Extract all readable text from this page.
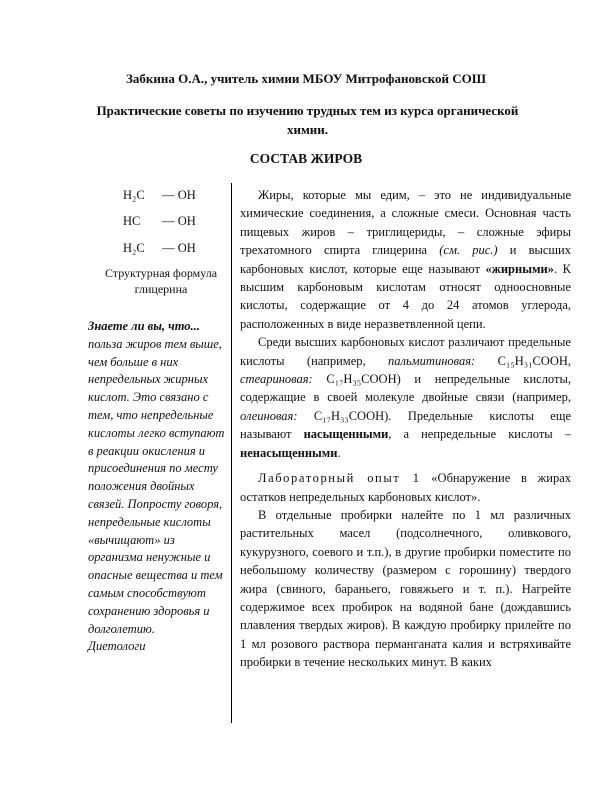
Забкина О.А., учитель химии МБОУ Митрофановской СОШ
Практические советы по изучению трудных тем из курса органической химии.
СОСТАВ ЖИРОВ
H₂C — OH
HC — OH
H₂C — OH
Структурная формула глицерина
Знаете ли вы, что...
польза жиров тем выше, чем больше в них непредельных жирных кислот. Это связано с тем, что непредельные кислоты легко вступают в реакции окисления и присоединения по месту положения двойных связей. Попросту говоря, непредельные кислоты «вычищают» из организма ненужные и опасные вещества и тем самым способствуют сохранению здоровья и долголетию.
Диетологи

Жиры, которые мы едим, – это не индивидуальные химические соединения, а сложные смеси. Основная часть пищевых жиров – триглицериды, – сложные эфиры трехатомного спирта глицерина (см. рис.) и высших карбоновых кислот, которые еще называют «жирными». К высшим карбоновым кислотам относят одноосновные кислоты, содержащие от 4 до 24 атомов углерода, расположенных в виде неразветвленной цепи.

Среди высших карбоновых кислот различают предельные кислоты (например, пальмитиновая: C₁₅H₃₁COOH, стеариновая: C₁₇H₃₅COOH) и непредельные кислоты, содержащие в своей молекуле двойные связи (например, олеиновая: C₁₇H₃₃COOH). Предельные кислоты еще называют насыщенными, а непредельные кислоты – ненасыщенными.

Лабораторный опыт 1 «Обнаружение в жирах остатков непредельных карбоновых кислот».

В отдельные пробирки налейте по 1 мл различных растительных масел (подсолнечного, оливкового, кукурузного, соевого и т.п.), в другие пробирки поместите по небольшому количеству (размером с горошину) твердого жира (свиного, бараньего, говяжьего и т. п.). Нагрейте содержимое всех пробирок на водяной бане (дождавшись плавления твердых жиров). В каждую пробирку прилейте по 1 мл розового раствора перманганата калия и встряхивайте пробирки в течение нескольких минут. В каких
